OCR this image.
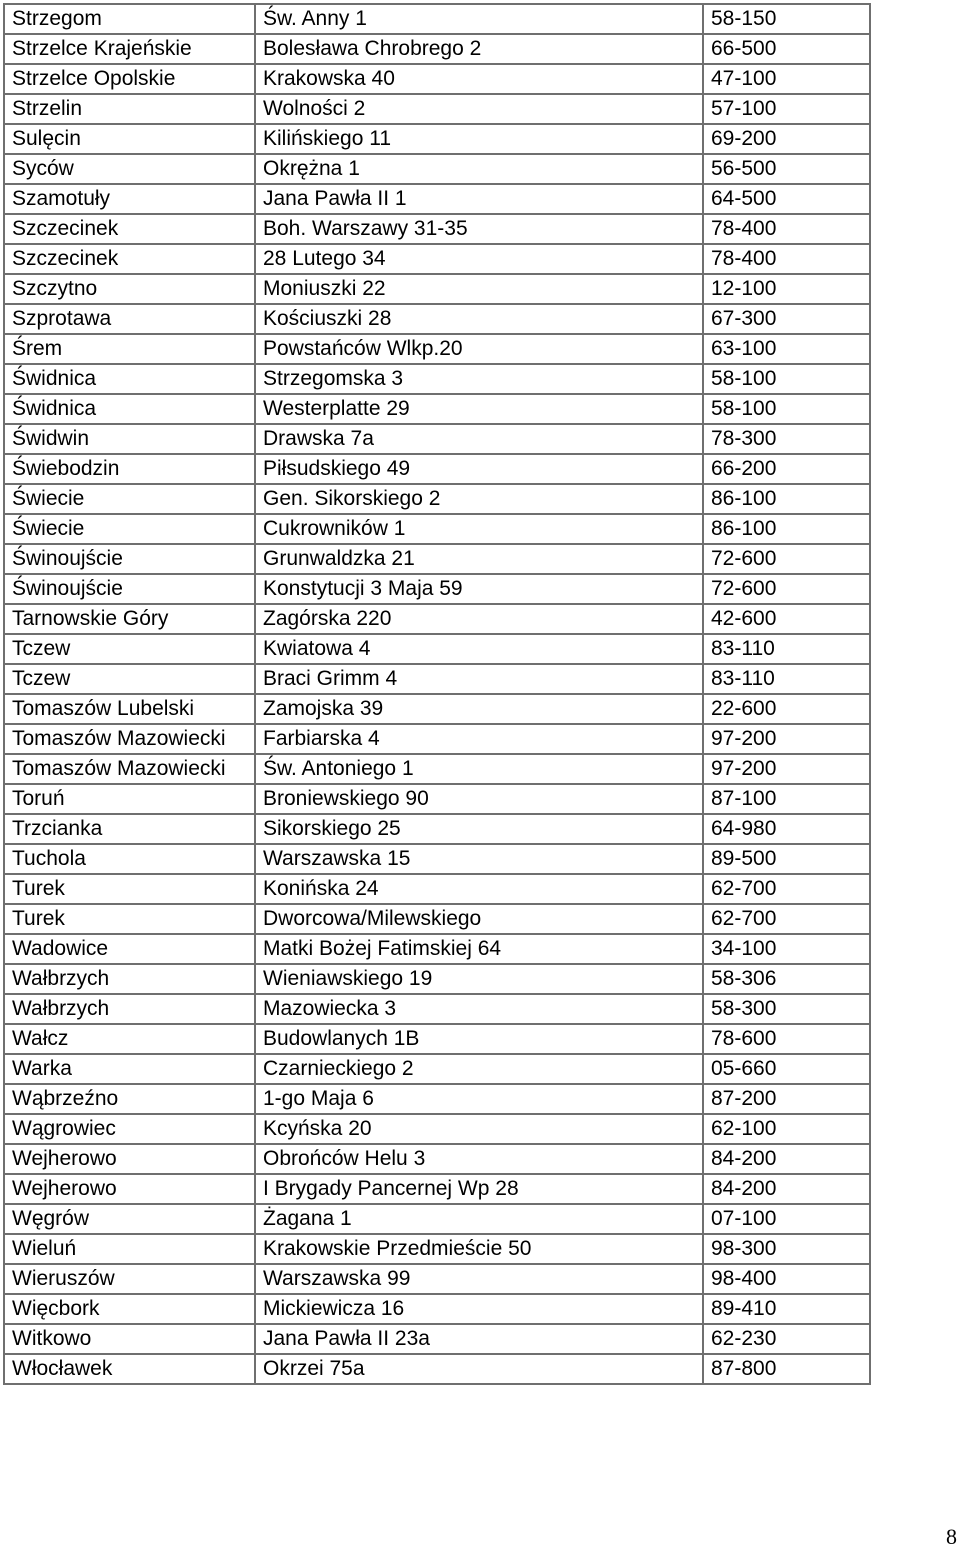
Strzegom	Św. Anny 1	58-150
Strzelce Krajeńskie	Bolesława Chrobrego 2	66-500
Strzelce Opolskie	Krakowska 40	47-100
Strzelin	Wolności 2	57-100
Sulęcin	Kilińskiego 11	69-200
Syców	Okrężna 1	56-500
Szamotuły	Jana Pawła II 1	64-500
Szczecinek	Boh. Warszawy 31-35	78-400
Szczecinek	28 Lutego 34	78-400
Szczytno	Moniuszki 22	12-100
Szprotawa	Kościuszki 28	67-300
Śrem	Powstańców Wlkp.20	63-100
Świdnica	Strzegomska 3	58-100
Świdnica	Westerplatte 29	58-100
Świdwin	Drawska 7a	78-300
Świebodzin	Piłsudskiego 49	66-200
Świecie	Gen. Sikorskiego 2	86-100
Świecie	Cukrowników 1	86-100
Świnoujście	Grunwaldzka 21	72-600
Świnoujście	Konstytucji 3 Maja 59	72-600
Tarnowskie Góry	Zagórska 220	42-600
Tczew	Kwiatowa 4	83-110
Tczew	Braci Grimm 4	83-110
Tomaszów Lubelski	Zamojska 39	22-600
Tomaszów Mazowiecki	Farbiarska 4	97-200
Tomaszów Mazowiecki	Św. Antoniego 1	97-200
Toruń	Broniewskiego 90	87-100
Trzcianka	Sikorskiego 25	64-980
Tuchola	Warszawska 15	89-500
Turek	Konińska 24	62-700
Turek	Dworcowa/Milewskiego	62-700
Wadowice	Matki Bożej Fatimskiej 64	34-100
Wałbrzych	Wieniawskiego 19	58-306
Wałbrzych	Mazowiecka 3	58-300
Wałcz	Budowlanych 1B	78-600
Warka	Czarnieckiego 2	05-660
Wąbrzeźno	1-go Maja 6	87-200
Wągrowiec	Kcyńska 20	62-100
Wejherowo	Obrońców Helu 3	84-200
Wejherowo	I Brygady Pancernej Wp 28	84-200
Węgrów	Żagana 1	07-100
Wieluń	Krakowskie Przedmieście 50	98-300
Wieruszów	Warszawska 99	98-400
Więcbork	Mickiewicza 16	89-410
Witkowo	Jana Pawła II 23a	62-230
Włocławek	Okrzei 75a	87-800
8
